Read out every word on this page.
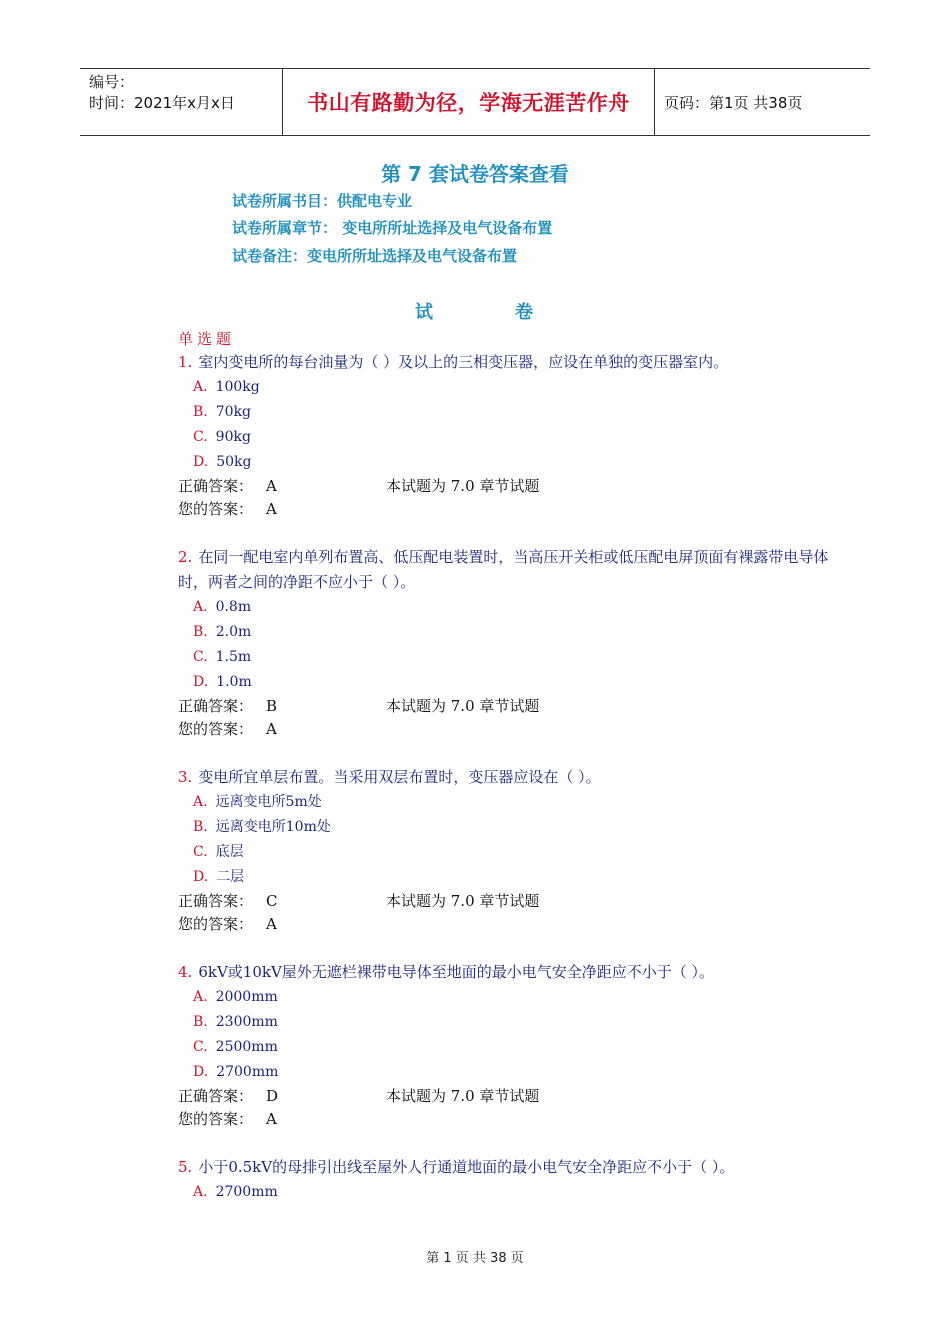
编号：
时间：2021年x月x日	书山有路勤为径，学海无涯苦作舟	页码：第1页 共38页
第 7 套试卷答案查看
试卷所属书目：供配电专业
试卷所属章节： 变电所所址选择及电气设备布置
试卷备注：变电所所址选择及电气设备布置
试	卷
单选题
1. 室内变电所的每台油量为（ ）及以上的三相变压器，应设在单独的变压器室内。
A. 100kg
B. 70kg
C. 90kg
D. 50kg
正确答案： A	本试题为 7.0 章节试题
您的答案： A
2. 在同一配电室内单列布置高、低压配电装置时，当高压开关柜或低压配电屏顶面有裸露带电导体时，两者之间的净距不应小于（ ）。
A. 0.8m
B. 2.0m
C. 1.5m
D. 1.0m
正确答案： B	本试题为 7.0 章节试题
您的答案： A
3. 变电所宜单层布置。当采用双层布置时，变压器应设在（ ）。
A. 远离变电所5m处
B. 远离变电所10m处
C. 底层
D. 二层
正确答案： C	本试题为 7.0 章节试题
您的答案： A
4. 6kV或10kV屋外无遮栏裸带电导体至地面的最小电气安全净距应不小于（ ）。
A. 2000mm
B. 2300mm
C. 2500mm
D. 2700mm
正确答案： D	本试题为 7.0 章节试题
您的答案： A
5. 小于0.5kV的母排引出线至屋外人行通道地面的最小电气安全净距应不小于（ ）。
A. 2700mm
第 1 页 共 38 页
